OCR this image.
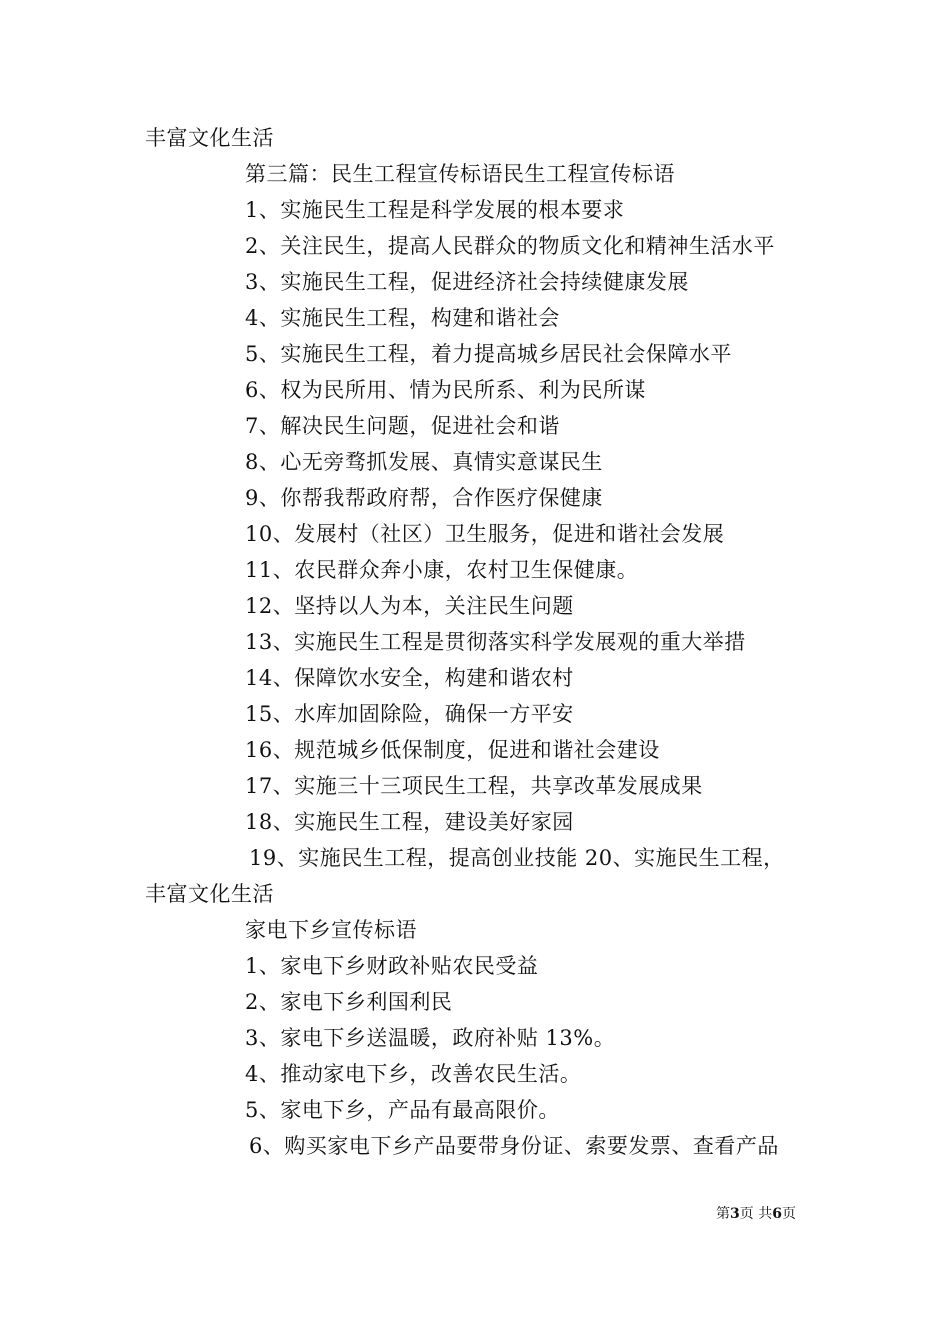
丰富文化生活
第三篇：民生工程宣传标语民生工程宣传标语
1、实施民生工程是科学发展的根本要求
2、关注民生，提高人民群众的物质文化和精神生活水平
3、实施民生工程，促进经济社会持续健康发展
4、实施民生工程，构建和谐社会
5、实施民生工程，着力提高城乡居民社会保障水平
6、权为民所用、情为民所系、利为民所谋
7、解决民生问题，促进社会和谐
8、心无旁骛抓发展、真情实意谋民生
9、你帮我帮政府帮，合作医疗保健康
10、发展村（社区）卫生服务，促进和谐社会发展
11、农民群众奔小康，农村卫生保健康。
12、坚持以人为本，关注民生问题
13、实施民生工程是贯彻落实科学发展观的重大举措
14、保障饮水安全，构建和谐农村
15、水库加固除险，确保一方平安
16、规范城乡低保制度，促进和谐社会建设
17、实施三十三项民生工程，共享改革发展成果
18、实施民生工程，建设美好家园
19、实施民生工程，提高创业技能 20、实施民生工程，
丰富文化生活
家电下乡宣传标语
1、家电下乡财政补贴农民受益
2、家电下乡利国利民
3、家电下乡送温暖，政府补贴 13%。
4、推动家电下乡，改善农民生活。
5、家电下乡，产品有最高限价。
6、购买家电下乡产品要带身份证、索要发票、查看产品
第3页 共6页
